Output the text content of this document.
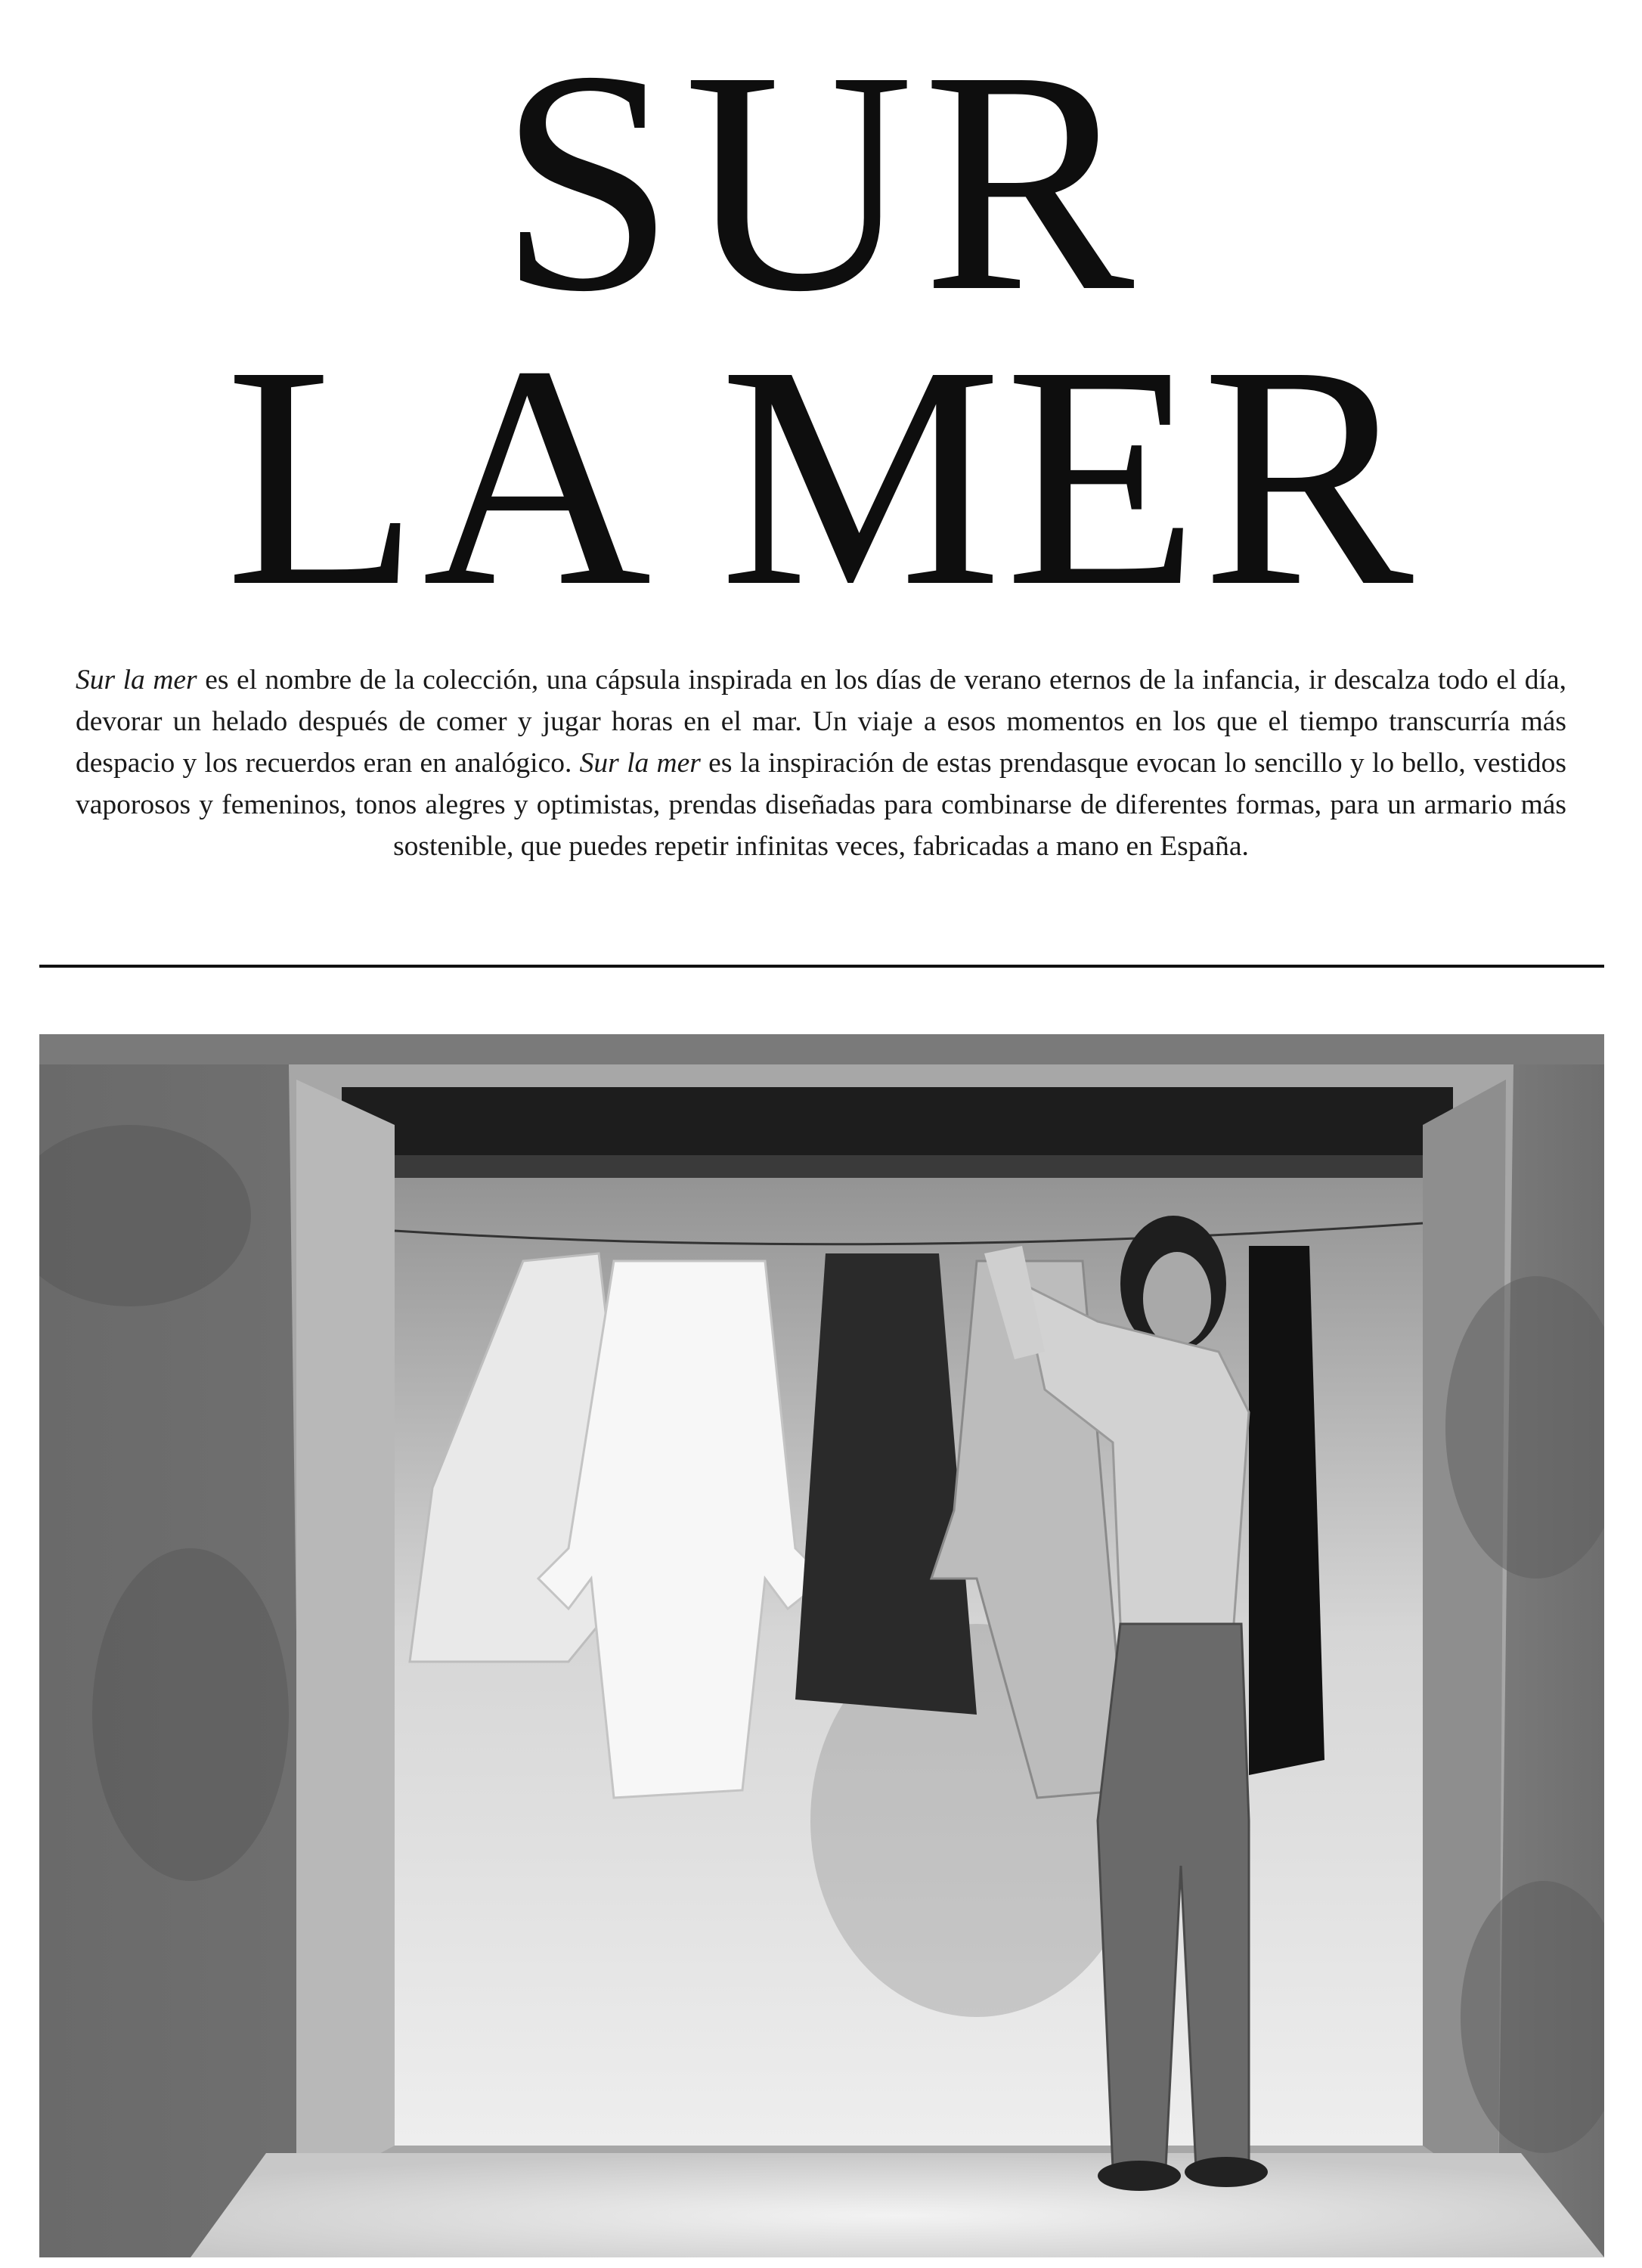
SUR
LA MER

Sur la mer es el nombre de la colección, una cápsula inspirada en los días de verano eternos de la infancia, ir descalza todo el día, devorar un helado después de comer y jugar horas en el mar. Un viaje a esos momentos en los que el tiempo transcurría más despacio y los recuerdos eran en analógico. Sur la mer es la inspiración de estas prendasque evocan lo sencillo y lo bello, vestidos vaporosos y femeninos, tonos alegres y optimistas, prendas diseñadas para combinarse de diferentes formas, para un armario más sostenible, que puedes repetir infinitas veces, fabricadas a mano en España.
